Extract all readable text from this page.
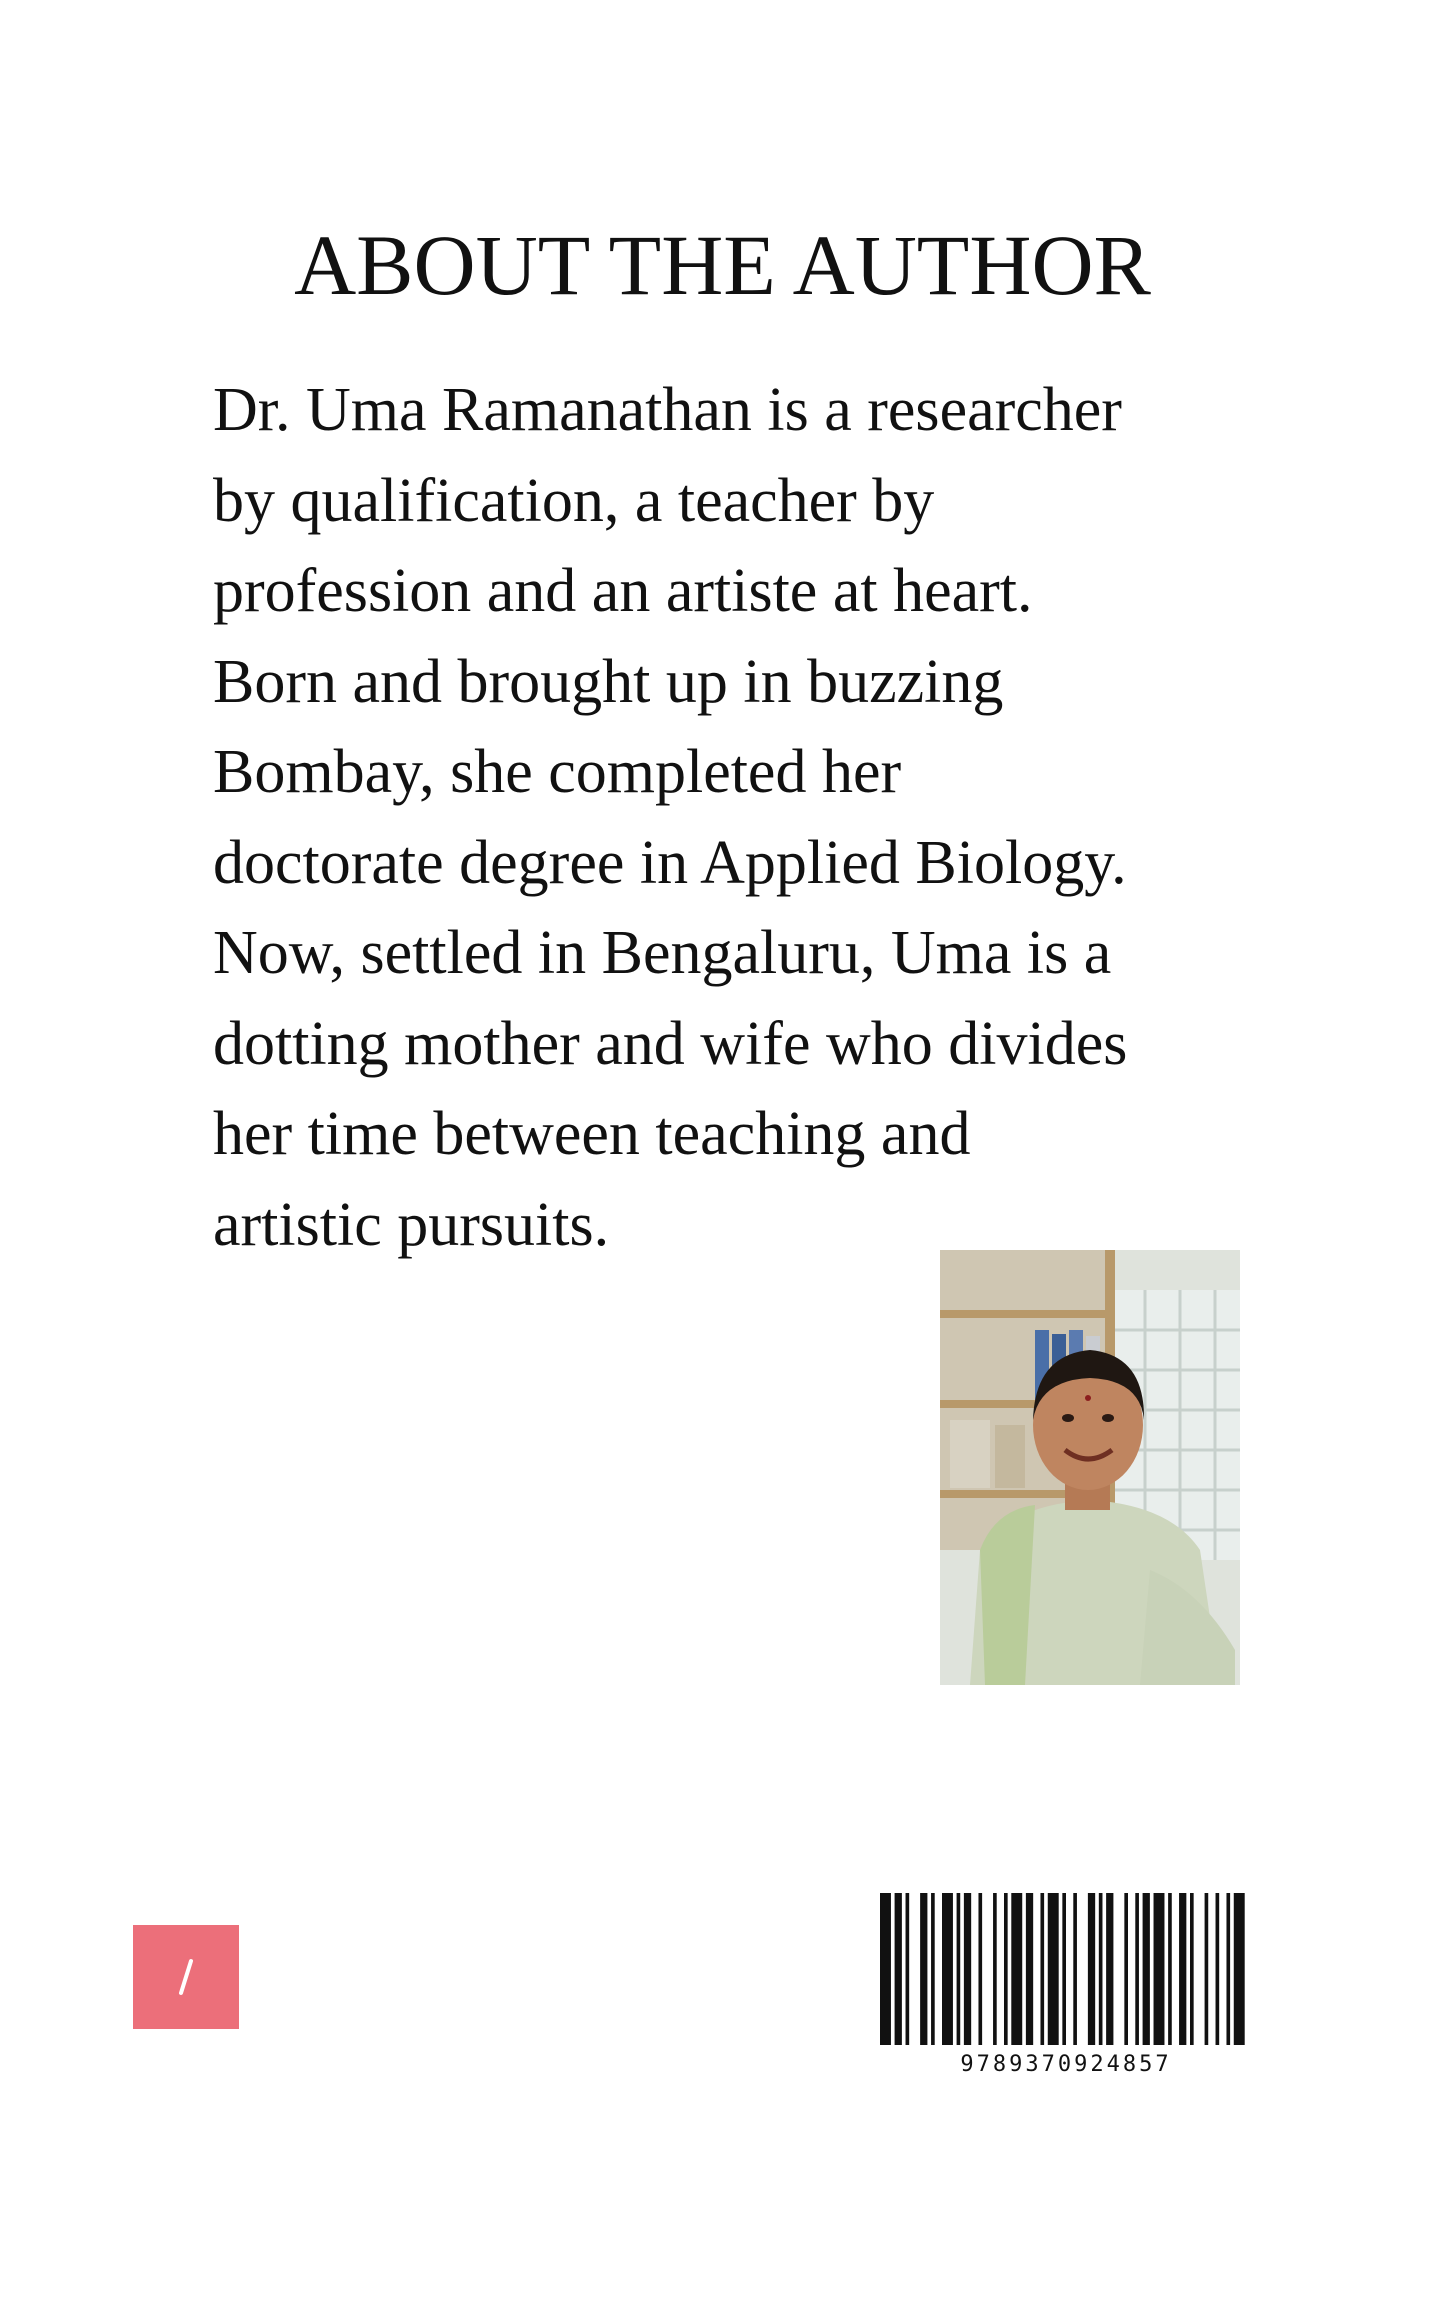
ABOUT THE AUTHOR
Dr. Uma Ramanathan is a researcher
by qualification, a teacher by
profession and an artiste at heart.
Born and brought up in buzzing
Bombay, she completed her
doctorate degree in Applied Biology.
Now, settled in Bengaluru, Uma is a
dotting mother and wife who divides
her time between teaching and
artistic pursuits.
9789370924857
